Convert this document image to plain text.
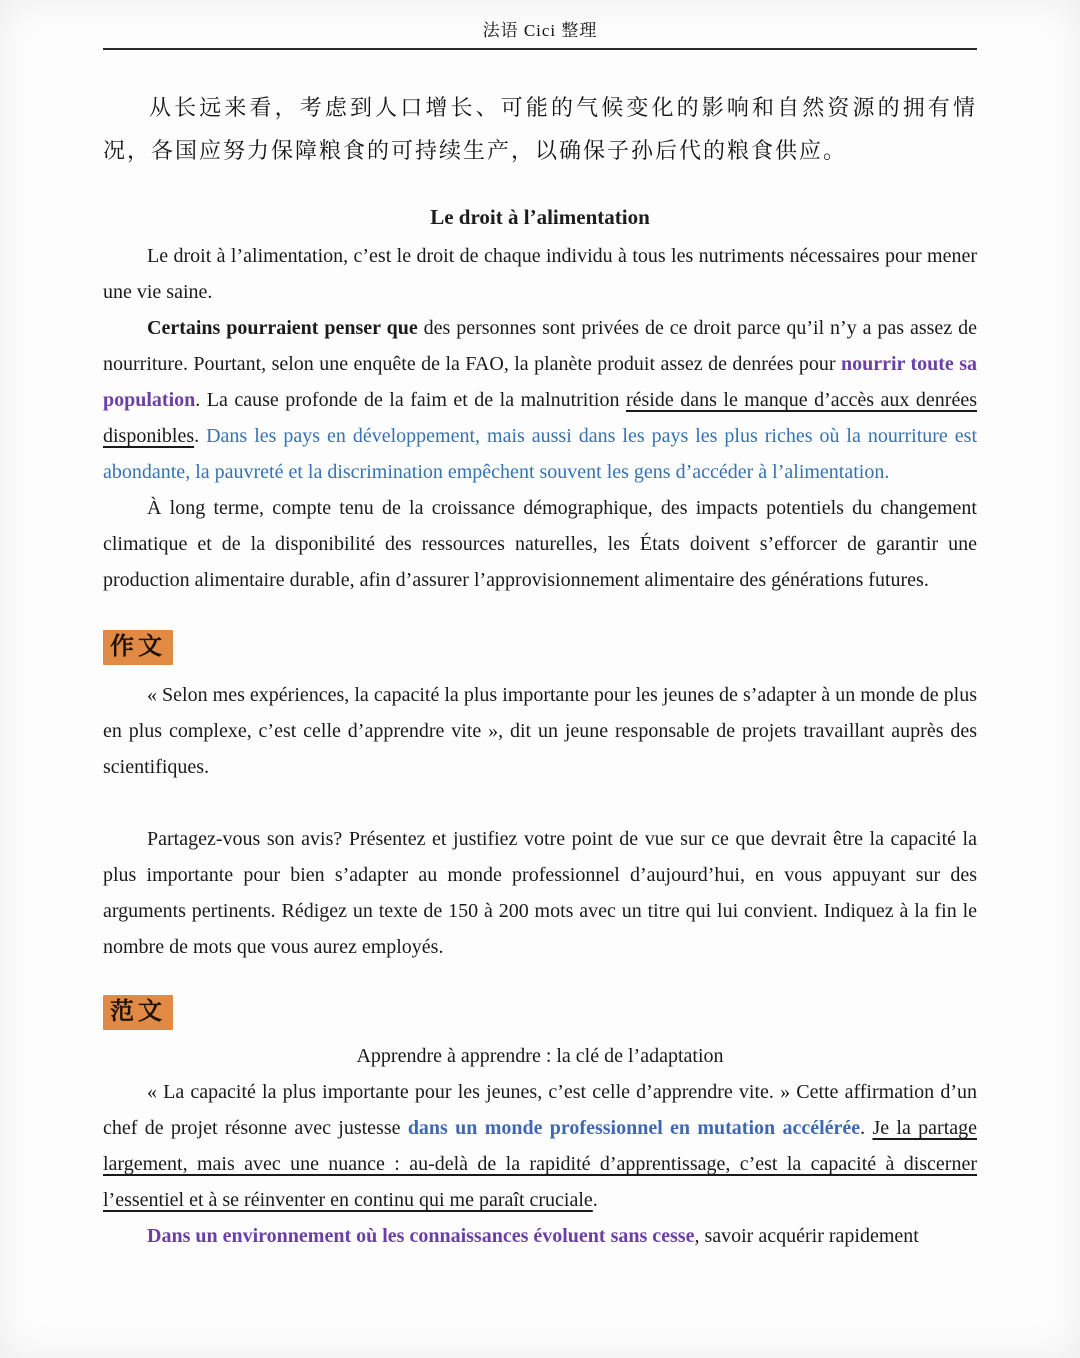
法语 Cici 整理

从长远来看，考虑到人口增长、可能的气候变化的影响和自然资源的拥有情况，各国应努力保障粮食的可持续生产，以确保子孙后代的粮食供应。

Le droit à l’alimentation

Le droit à l’alimentation, c’est le droit de chaque individu à tous les nutriments nécessaires pour mener une vie saine.

Certains pourraient penser que des personnes sont privées de ce droit parce qu’il n’y a pas assez de nourriture. Pourtant, selon une enquête de la FAO, la planète produit assez de denrées pour nourrir toute sa population. La cause profonde de la faim et de la malnutrition réside dans le manque d’accès aux denrées disponibles. Dans les pays en développement, mais aussi dans les pays les plus riches où la nourriture est abondante, la pauvreté et la discrimination empêchent souvent les gens d’accéder à l’alimentation.

À long terme, compte tenu de la croissance démographique, des impacts potentiels du changement climatique et de la disponibilité des ressources naturelles, les États doivent s’efforcer de garantir une production alimentaire durable, afin d’assurer l’approvisionnement alimentaire des générations futures.

作文

« Selon mes expériences, la capacité la plus importante pour les jeunes de s’adapter à un monde de plus en plus complexe, c’est celle d’apprendre vite », dit un jeune responsable de projets travaillant auprès des scientifiques.

Partagez-vous son avis? Présentez et justifiez votre point de vue sur ce que devrait être la capacité la plus importante pour bien s’adapter au monde professionnel d’aujourd’hui, en vous appuyant sur des arguments pertinents. Rédigez un texte de 150 à 200 mots avec un titre qui lui convient. Indiquez à la fin le nombre de mots que vous aurez employés.

范文

Apprendre à apprendre : la clé de l’adaptation

« La capacité la plus importante pour les jeunes, c’est celle d’apprendre vite. » Cette affirmation d’un chef de projet résonne avec justesse dans un monde professionnel en mutation accélérée. Je la partage largement, mais avec une nuance : au-delà de la rapidité d’apprentissage, c’est la capacité à discerner l’essentiel et à se réinventer en continu qui me paraît cruciale.

Dans un environnement où les connaissances évoluent sans cesse, savoir acquérir rapidement
